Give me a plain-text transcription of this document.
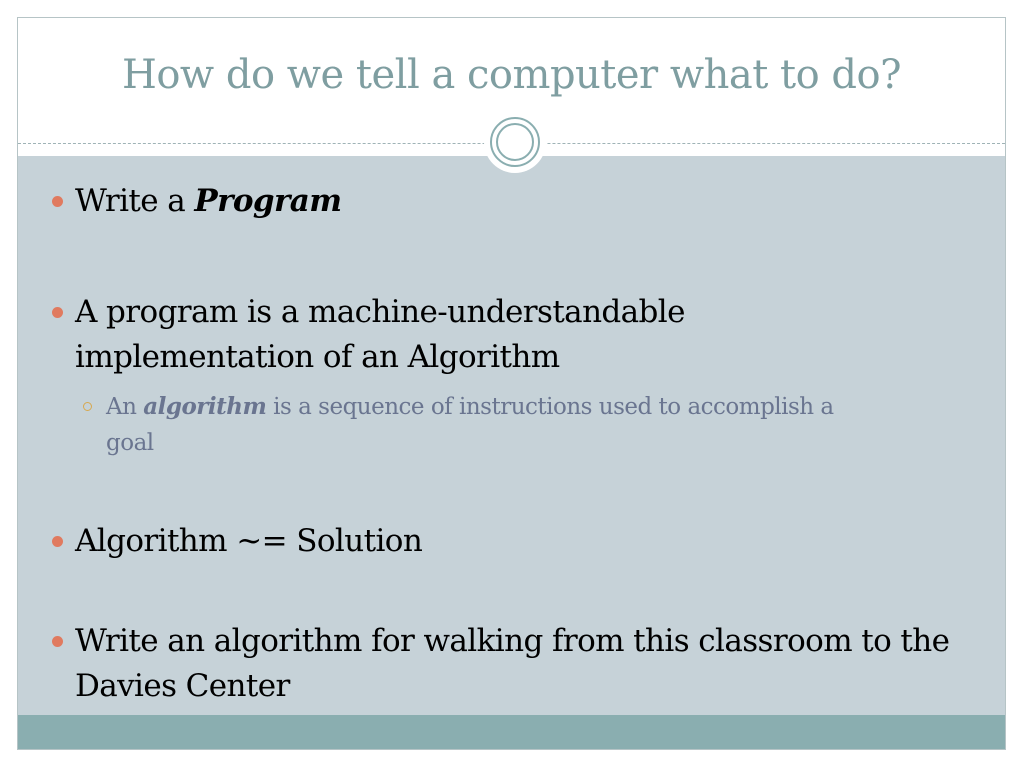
How do we tell a computer what to do?
Write a Program
A program is a machine-understandable implementation of an Algorithm
An algorithm is a sequence of instructions used to accomplish a goal
Algorithm ~= Solution
Write an algorithm for walking from this classroom to the Davies Center
